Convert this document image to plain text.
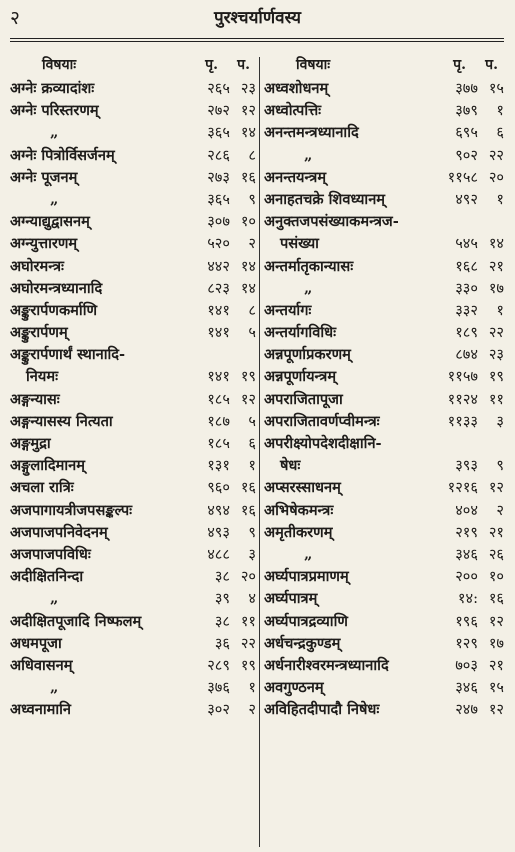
२	पुरश्चर्यार्णवस्य
विषयाः	पृ. प.
अग्नेः क्रव्यादांशः	२६५ २३
अग्नेः परिस्तरणम्	२७२ १२
„	३६५ १४
अग्नेः पित्रोर्विसर्जनम्	२८६	८
अग्नेः पूजनम्	२७३ १६
„	३६५	९
अग्न्याद्युद्वासनम्	३०७ १०
अग्न्युत्तारणम्	५२०	२
अघोरमन्त्रः	४४२ १४
अघोरमन्त्रध्यानादि	८२३ १४
अङ्कुरार्पणकर्माणि	१४१	८
अङ्कुरार्पणम्	१४१	५
अङ्कुरार्पणार्थं स्थानादि-
नियमः	१४१ १९
अङ्गन्यासः	१८५ १२
अङ्गन्यासस्य नित्यता	१८७	५
अङ्गमुद्रा	१८५	६
अङ्गुलादिमानम्	१३१	१
अचला रात्रिः	९६० १६
अजपागायत्रीजपसङ्कल्पः	४९४ १६
अजपाजपनिवेदनम्	४९३	९
अजपाजपविधिः	४८८	३
अदीक्षितनिन्दा	३८ २०
„	३९	४
अदीक्षितपूजादि निष्फलम्	३८ ११
अधमपूजा	३६ २२
अधिवासनम्	२८९ १९
„	३७६	१
अध्वनामानि	३०२	२
विषयाः	पृ. प.
अध्वशोधनम्	३७७ १५
अध्वोत्पत्तिः	३७९	१
अनन्तमन्त्रध्यानादि	६९५	६
„	९०२ २२
अनन्तयन्त्रम्	११५८ २०
अनाहतचक्रे शिवध्यानम्	४९२	१
अनुक्तजपसंख्याकमन्त्रज-
पसंख्या	५४५ १४
अन्तर्मातृकान्यासः	१६८ २१
„	३३० १७
अन्तर्यागः	३३२	१
अन्तर्यागविधिः	१८९ २२
अन्नपूर्णाप्रकरणम्	८७४ २३
अन्नपूर्णायन्त्रम्	११५७ १९
अपराजितापूजा	११२४ ११
अपराजितावर्णप्वीमन्त्रः	११३३	३
अपरीक्ष्योपदेशदीक्षानि-
षेधः	३९३	९
अप्सरस्साधनम्	१२१६ १२
अभिषेकमन्त्रः	४०४	२
अमृतीकरणम्	२१९ २१
„	३४६ २६
अर्घ्यपात्रप्रमाणम्	२०० १०
अर्घ्यपात्रम्	१४: १६
अर्घ्यपात्रद्रव्याणि	१९६ १२
अर्धचन्द्रकुण्डम्	१२९ १७
अर्धनारीश्वरमन्त्रध्यानादि	७०३ २१
अवगुण्ठनम्	३४६ १५
अविहितदीपादौ निषेधः	२४७ १२
